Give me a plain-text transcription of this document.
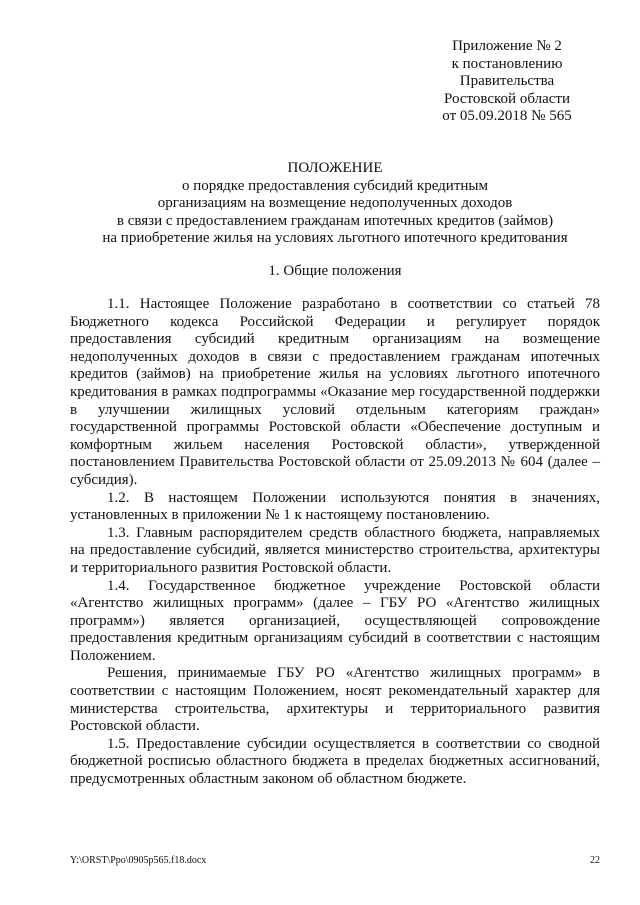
Приложение № 2
к постановлению
Правительства
Ростовской области
от 05.09.2018 № 565
ПОЛОЖЕНИЕ
о порядке предоставления субсидий кредитным
организациям на возмещение недополученных доходов
в связи с предоставлением гражданам ипотечных кредитов (займов)
на приобретение жилья на условиях льготного ипотечного кредитования
1. Общие положения

1.1. Настоящее Положение разработано в соответствии со статьей 78 Бюджетного кодекса Российской Федерации и регулирует порядок предоставления субсидий кредитным организациям на возмещение недополученных доходов в связи с предоставлением гражданам ипотечных кредитов (займов) на приобретение жилья на условиях льготного ипотечного кредитования в рамках подпрограммы «Оказание мер государственной поддержки в улучшении жилищных условий отдельным категориям граждан» государственной программы Ростовской области «Обеспечение доступным и комфортным жильем населения Ростовской области», утвержденной постановлением Правительства Ростовской области от 25.09.2013 № 604 (далее – субсидия).

1.2. В настоящем Положении используются понятия в значениях, установленных в приложении № 1 к настоящему постановлению.

1.3. Главным распорядителем средств областного бюджета, направляемых на предоставление субсидий, является министерство строительства, архитектуры и территориального развития Ростовской области.

1.4. Государственное бюджетное учреждение Ростовской области «Агентство жилищных программ» (далее – ГБУ РО «Агентство жилищных программ») является организацией, осуществляющей сопровождение предоставления кредитным организациям субсидий в соответствии с настоящим Положением.

Решения, принимаемые ГБУ РО «Агентство жилищных программ» в соответствии с настоящим Положением, носят рекомендательный характер для министерства строительства, архитектуры и территориального развития Ростовской области.

1.5. Предоставление субсидии осуществляется в соответствии со сводной бюджетной росписью областного бюджета в пределах бюджетных ассигнований, предусмотренных областным законом об областном бюджете.

Y:\ORST\Ppo\0905p565.f18.docx	22
